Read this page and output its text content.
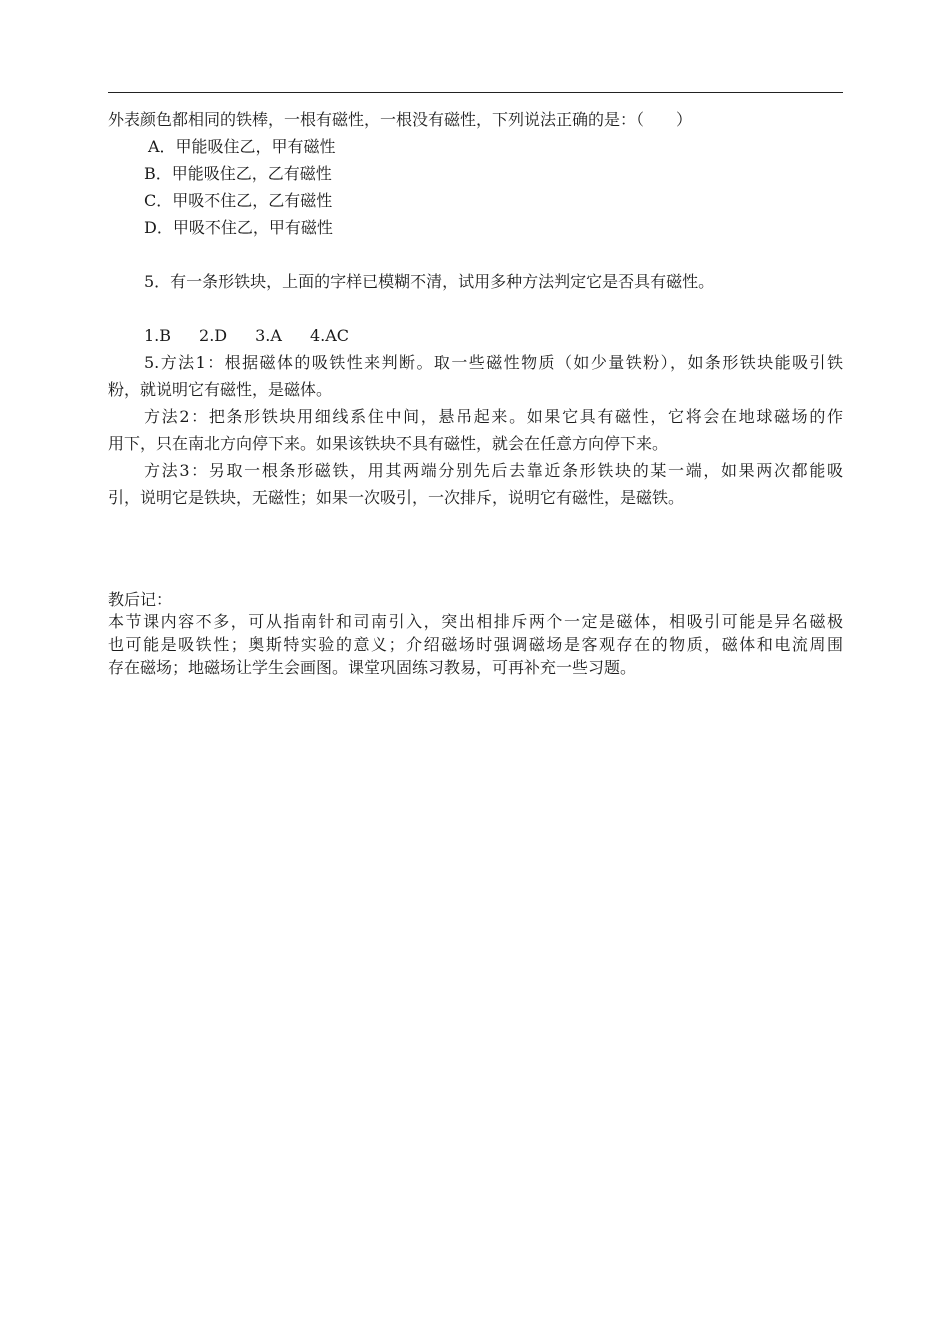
外表颜色都相同的铁棒，一根有磁性，一根没有磁性，下列说法正确的是：（　　）
A．甲能吸住乙，甲有磁性
B．甲能吸住乙，乙有磁性
C．甲吸不住乙，乙有磁性
D．甲吸不住乙，甲有磁性
5．有一条形铁块，上面的字样已模糊不清，试用多种方法判定它是否具有磁性。
1.B 2.D 3.A 4.AC
5.方法1：根据磁体的吸铁性来判断。取一些磁性物质（如少量铁粉），如条形铁块能吸引铁
粉，就说明它有磁性，是磁体。
方法2：把条形铁块用细线系住中间，悬吊起来。如果它具有磁性，它将会在地球磁场的作
用下，只在南北方向停下来。如果该铁块不具有磁性，就会在任意方向停下来。
方法3：另取一根条形磁铁，用其两端分别先后去靠近条形铁块的某一端，如果两次都能吸
引，说明它是铁块，无磁性；如果一次吸引，一次排斥，说明它有磁性，是磁铁。
教后记：
本节课内容不多，可从指南针和司南引入，突出相排斥两个一定是磁体，相吸引可能是异名磁极
也可能是吸铁性；奥斯特实验的意义；介绍磁场时强调磁场是客观存在的物质，磁体和电流周围
存在磁场；地磁场让学生会画图。课堂巩固练习教易，可再补充一些习题。
